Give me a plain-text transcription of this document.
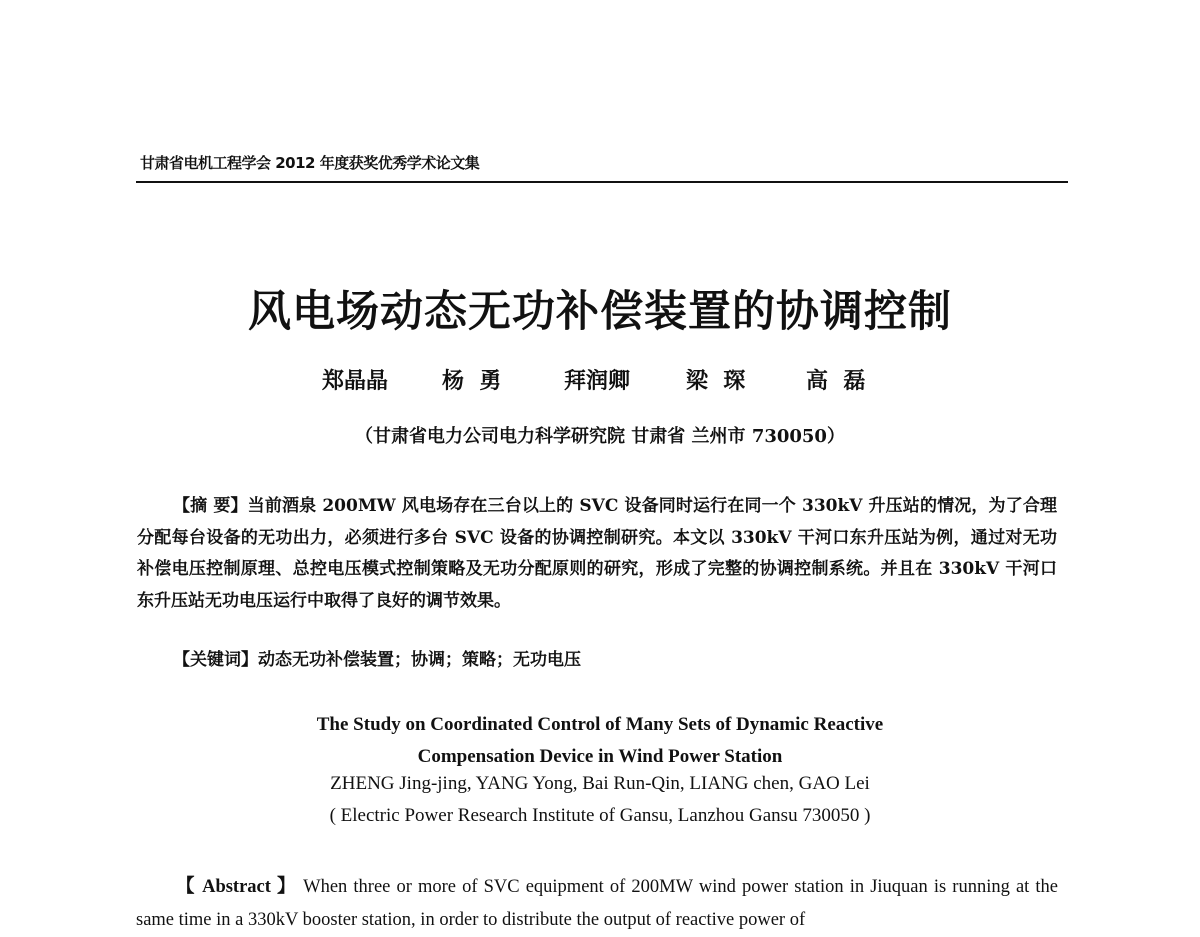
甘肃省电机工程学会 2012 年度获奖优秀学术论文集
风电场动态无功补偿装置的协调控制
郑晶晶 杨  勇	拜润卿	梁  琛	高  磊
（甘肃省电力公司电力科学研究院 甘肃省 兰州市 730050）
【摘 要】当前酒泉 200MW 风电场存在三台以上的 SVC 设备同时运行在同一个 330kV 升压站的情况，为了合理分配每台设备的无功出力，必须进行多台 SVC 设备的协调控制研究。本文以 330kV 干河口东升压站为例，通过对无功补偿电压控制原理、总控电压模式控制策略及无功分配原则的研究，形成了完整的协调控制系统。并且在 330kV 干河口东升压站无功电压运行中取得了良好的调节效果。
【关键词】动态无功补偿装置；协调；策略；无功电压
The Study on Coordinated Control of Many Sets of Dynamic Reactive
Compensation Device in Wind Power Station
ZHENG Jing-jing, YANG Yong, Bai Run-Qin, LIANG chen, GAO Lei
( Electric Power Research Institute of Gansu, Lanzhou Gansu 730050 )
【 Abstract 】 When three or more of SVC equipment of 200MW wind power station in Jiuquan is running at the same time in a 330kV booster station, in order to distribute the output of reactive power of
